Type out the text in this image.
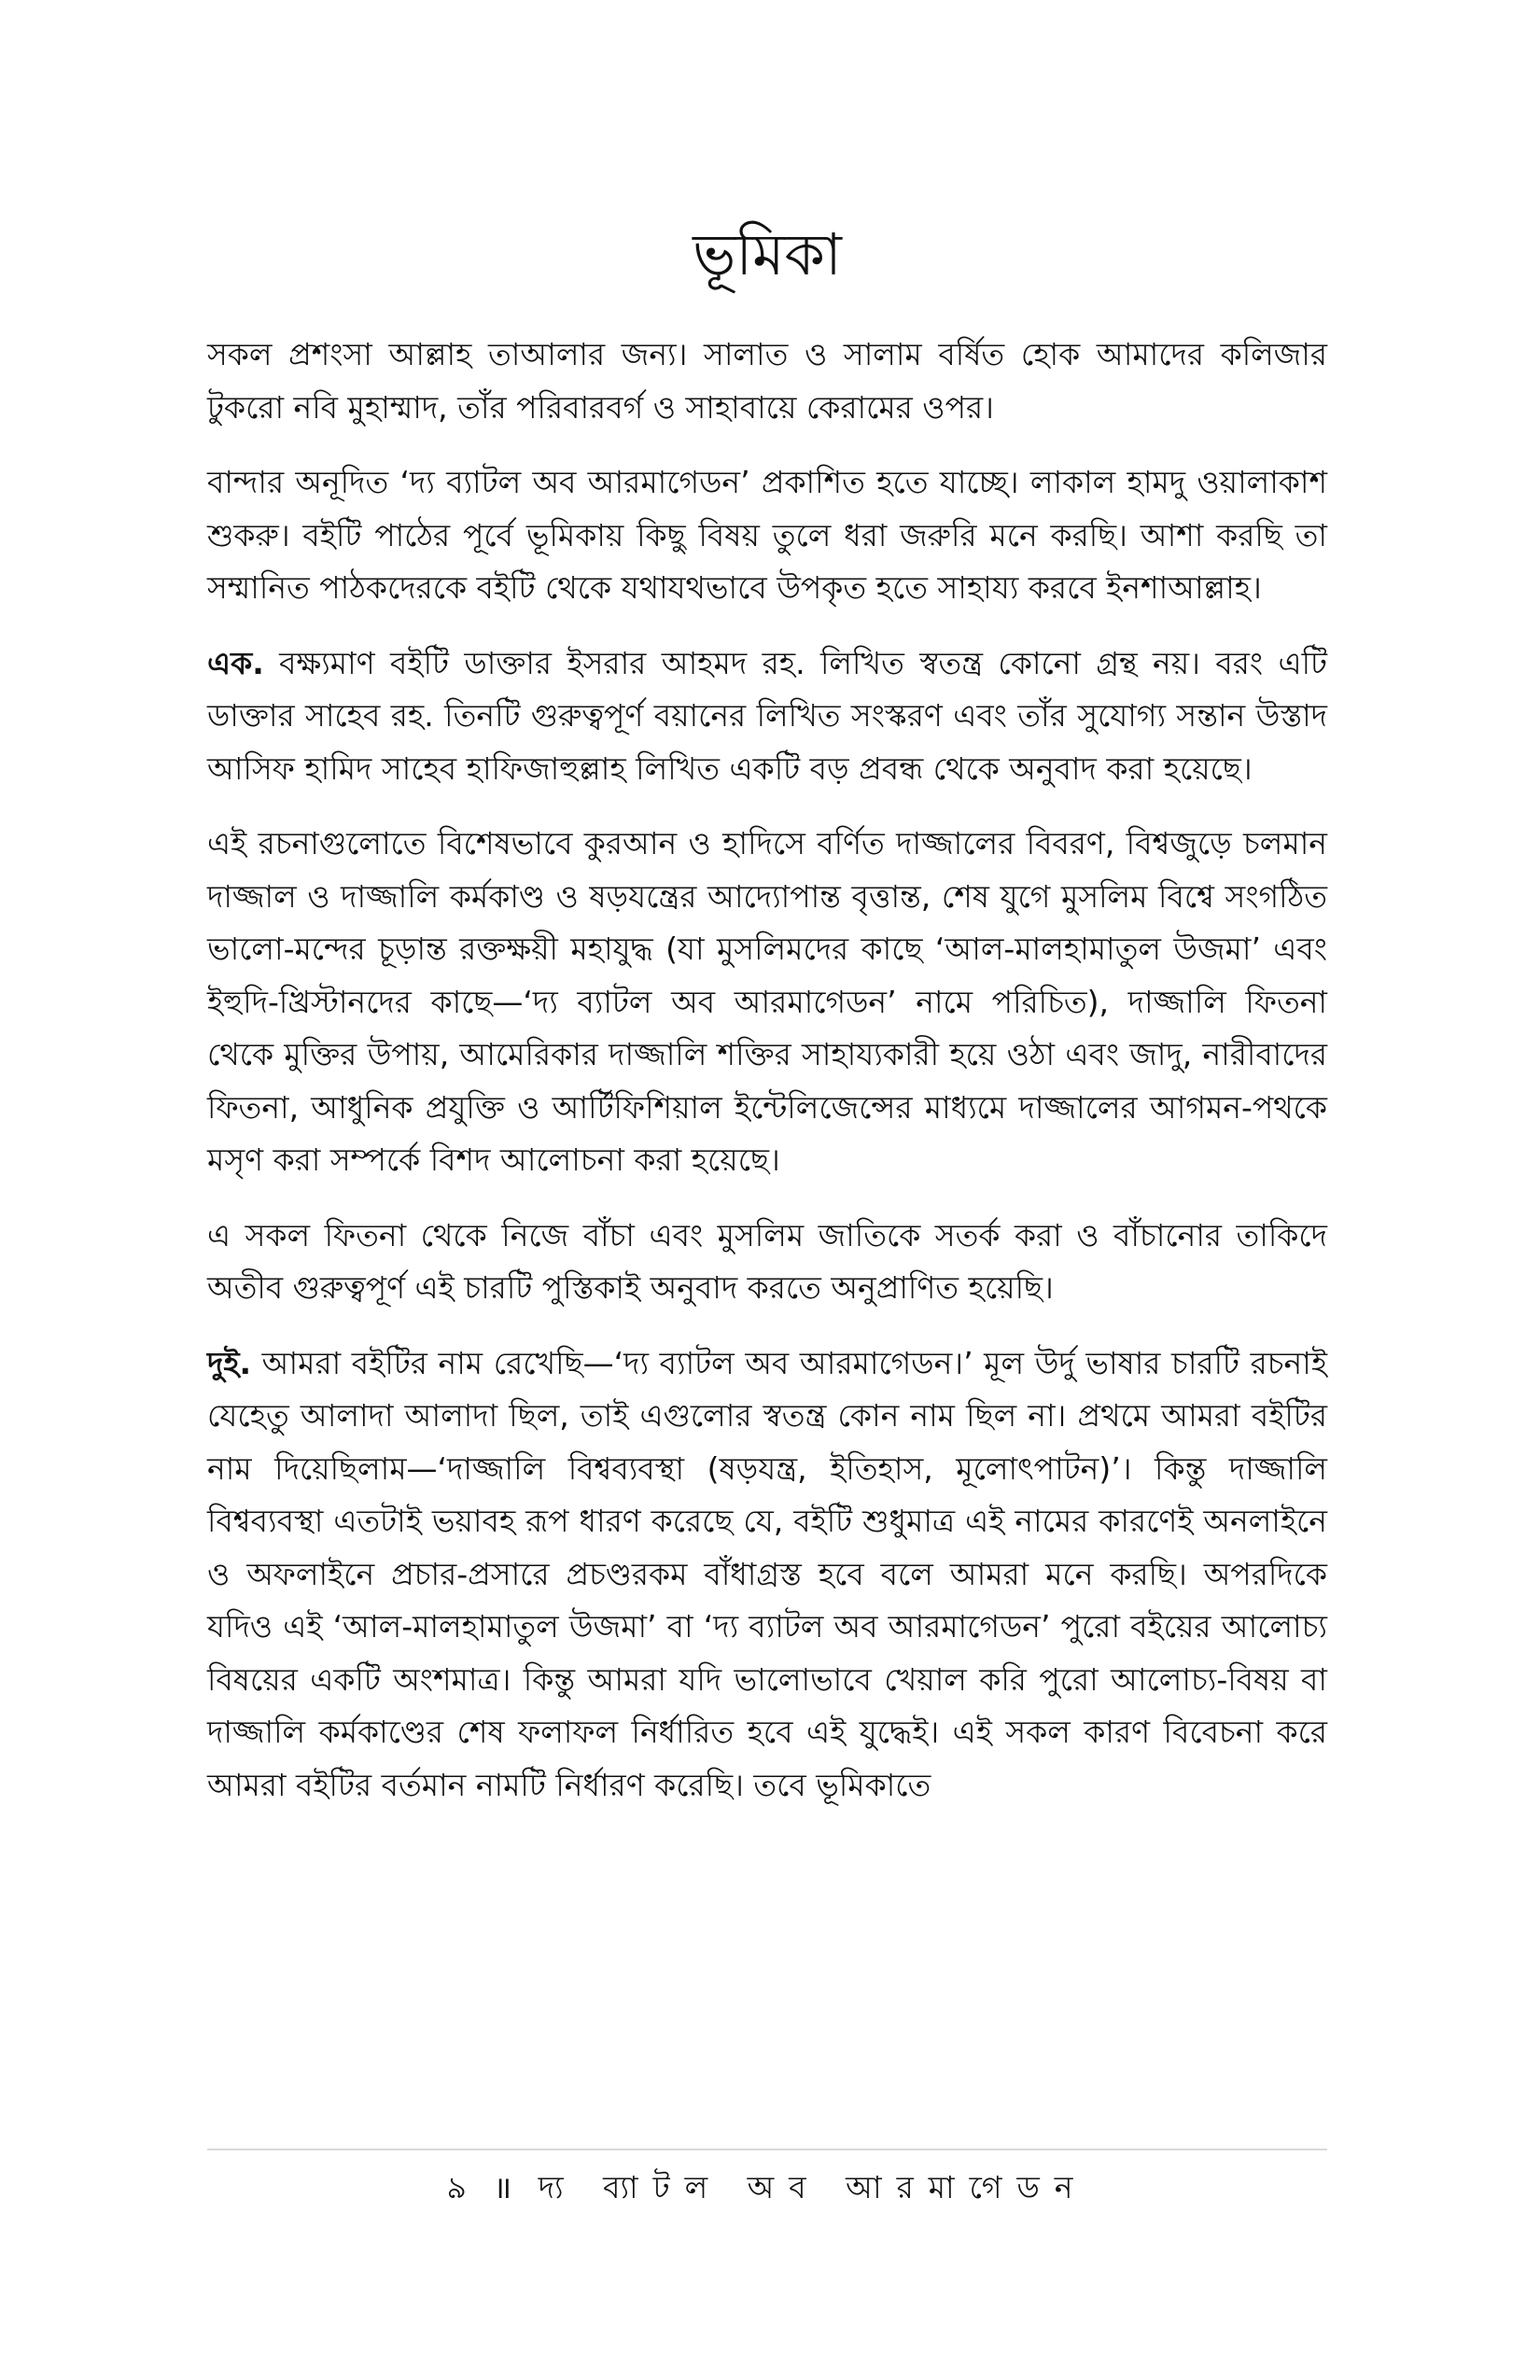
ভূমিকা

সকল প্রশংসা আল্লাহ তাআলার জন্য। সালাত ও সালাম বর্ষিত হোক আমাদের কলিজার টুকরো নবি মুহাম্মাদ, তাঁর পরিবারবর্গ ও সাহাবায়ে কেরামের ওপর।

বান্দার অনূদিত ‘দ্য ব্যাটল অব আরমাগেডন’ প্রকাশিত হতে যাচ্ছে। লাকাল হামদু ওয়ালাকাশ শুকরু। বইটি পাঠের পূর্বে ভূমিকায় কিছু বিষয় তুলে ধরা জরুরি মনে করছি। আশা করছি তা সম্মানিত পাঠকদেরকে বইটি থেকে যথাযথভাবে উপকৃত হতে সাহায্য করবে ইনশাআল্লাহ।

এক. বক্ষ্যমাণ বইটি ডাক্তার ইসরার আহমদ রহ. লিখিত স্বতন্ত্র কোনো গ্রন্থ নয়। বরং এটি ডাক্তার সাহেব রহ. তিনটি গুরুত্বপূর্ণ বয়ানের লিখিত সংস্করণ এবং তাঁর সুযোগ্য সন্তান উস্তাদ আসিফ হামিদ সাহেব হাফিজাহুল্লাহ লিখিত একটি বড় প্রবন্ধ থেকে অনুবাদ করা হয়েছে।

এই রচনাগুলোতে বিশেষভাবে কুরআন ও হাদিসে বর্ণিত দাজ্জালের বিবরণ, বিশ্বজুড়ে চলমান দাজ্জাল ও দাজ্জালি কর্মকাণ্ড ও ষড়যন্ত্রের আদ্যোপান্ত বৃত্তান্ত, শেষ যুগে মুসলিম বিশ্বে সংগঠিত ভালো-মন্দের চূড়ান্ত রক্তক্ষয়ী মহাযুদ্ধ (যা মুসলিমদের কাছে ‘আল-মালহামাতুল উজমা’ এবং ইহুদি-খ্রিস্টানদের কাছে—‘দ্য ব্যাটল অব আরমাগেডন’ নামে পরিচিত), দাজ্জালি ফিতনা থেকে মুক্তির উপায়, আমেরিকার দাজ্জালি শক্তির সাহায্যকারী হয়ে ওঠা এবং জাদু, নারীবাদের ফিতনা, আধুনিক প্রযুক্তি ও আর্টিফিশিয়াল ইন্টেলিজেন্সের মাধ্যমে দাজ্জালের আগমন-পথকে মসৃণ করা সম্পর্কে বিশদ আলোচনা করা হয়েছে।

এ সকল ফিতনা থেকে নিজে বাঁচা এবং মুসলিম জাতিকে সতর্ক করা ও বাঁচানোর তাকিদে অতীব গুরুত্বপূর্ণ এই চারটি পুস্তিকাই অনুবাদ করতে অনুপ্রাণিত হয়েছি।

দুই. আমরা বইটির নাম রেখেছি—‘দ্য ব্যাটল অব আরমাগেডন।’ মূল উর্দু ভাষার চারটি রচনাই যেহেতু আলাদা আলাদা ছিল, তাই এগুলোর স্বতন্ত্র কোন নাম ছিল না। প্রথমে আমরা বইটির নাম দিয়েছিলাম—‘দাজ্জালি বিশ্বব্যবস্থা (ষড়যন্ত্র, ইতিহাস, মূলোৎপাটন)’। কিন্তু দাজ্জালি বিশ্বব্যবস্থা এতটাই ভয়াবহ রূপ ধারণ করেছে যে, বইটি শুধুমাত্র এই নামের কারণেই অনলাইনে ও অফলাইনে প্রচার-প্রসারে প্রচণ্ডরকম বাঁধাগ্রস্ত হবে বলে আমরা মনে করছি। অপরদিকে যদিও এই ‘আল-মালহামাতুল উজমা’ বা ‘দ্য ব্যাটল অব আরমাগেডন’ পুরো বইয়ের আলোচ্য বিষয়ের একটি অংশমাত্র। কিন্তু আমরা যদি ভালোভাবে খেয়াল করি পুরো আলোচ্য-বিষয় বা দাজ্জালি কর্মকাণ্ডের শেষ ফলাফল নির্ধারিত হবে এই যুদ্ধেই। এই সকল কারণ বিবেচনা করে আমরা বইটির বর্তমান নামটি নির্ধারণ করেছি। তবে ভূমিকাতে

৯ ॥ দ্য ব্যাটল অব আরমাগেডন
